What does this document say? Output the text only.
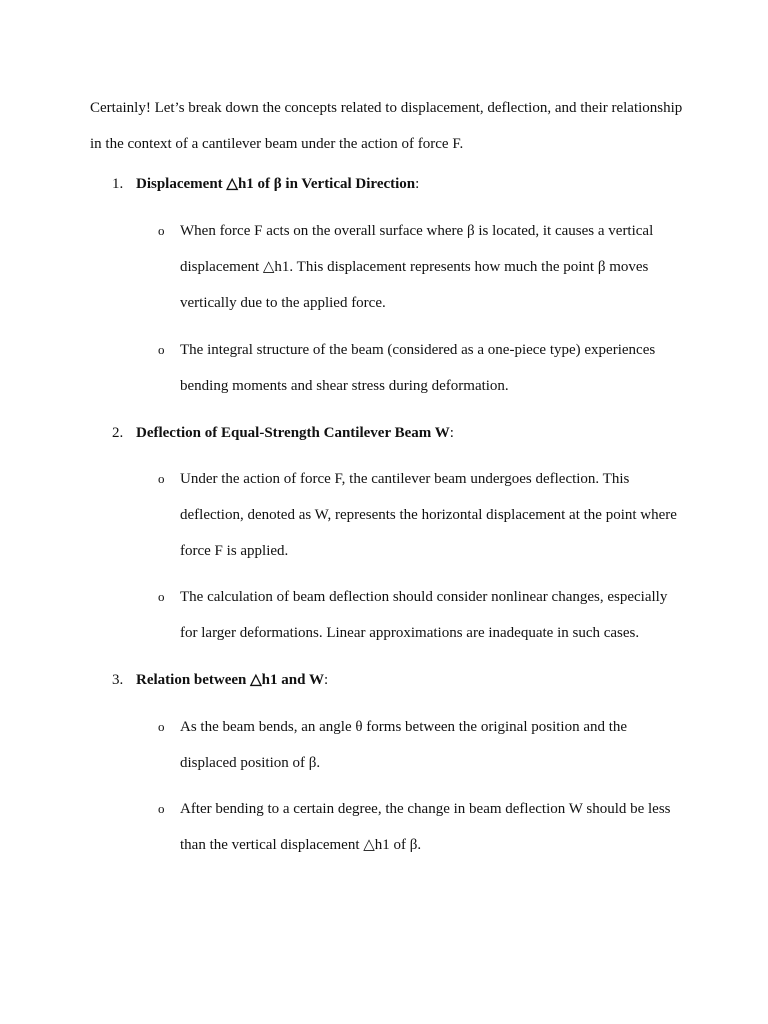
Certainly! Let’s break down the concepts related to displacement, deflection, and their relationship in the context of a cantilever beam under the action of force F.

1. Displacement △h1 of β in Vertical Direction:
o When force F acts on the overall surface where β is located, it causes a vertical displacement △h1. This displacement represents how much the point β moves vertically due to the applied force.
o The integral structure of the beam (considered as a one-piece type) experiences bending moments and shear stress during deformation.
2. Deflection of Equal-Strength Cantilever Beam W:
o Under the action of force F, the cantilever beam undergoes deflection. This deflection, denoted as W, represents the horizontal displacement at the point where force F is applied.
o The calculation of beam deflection should consider nonlinear changes, especially for larger deformations. Linear approximations are inadequate in such cases.
3. Relation between △h1 and W:
o As the beam bends, an angle θ forms between the original position and the displaced position of β.
o After bending to a certain degree, the change in beam deflection W should be less than the vertical displacement △h1 of β.
